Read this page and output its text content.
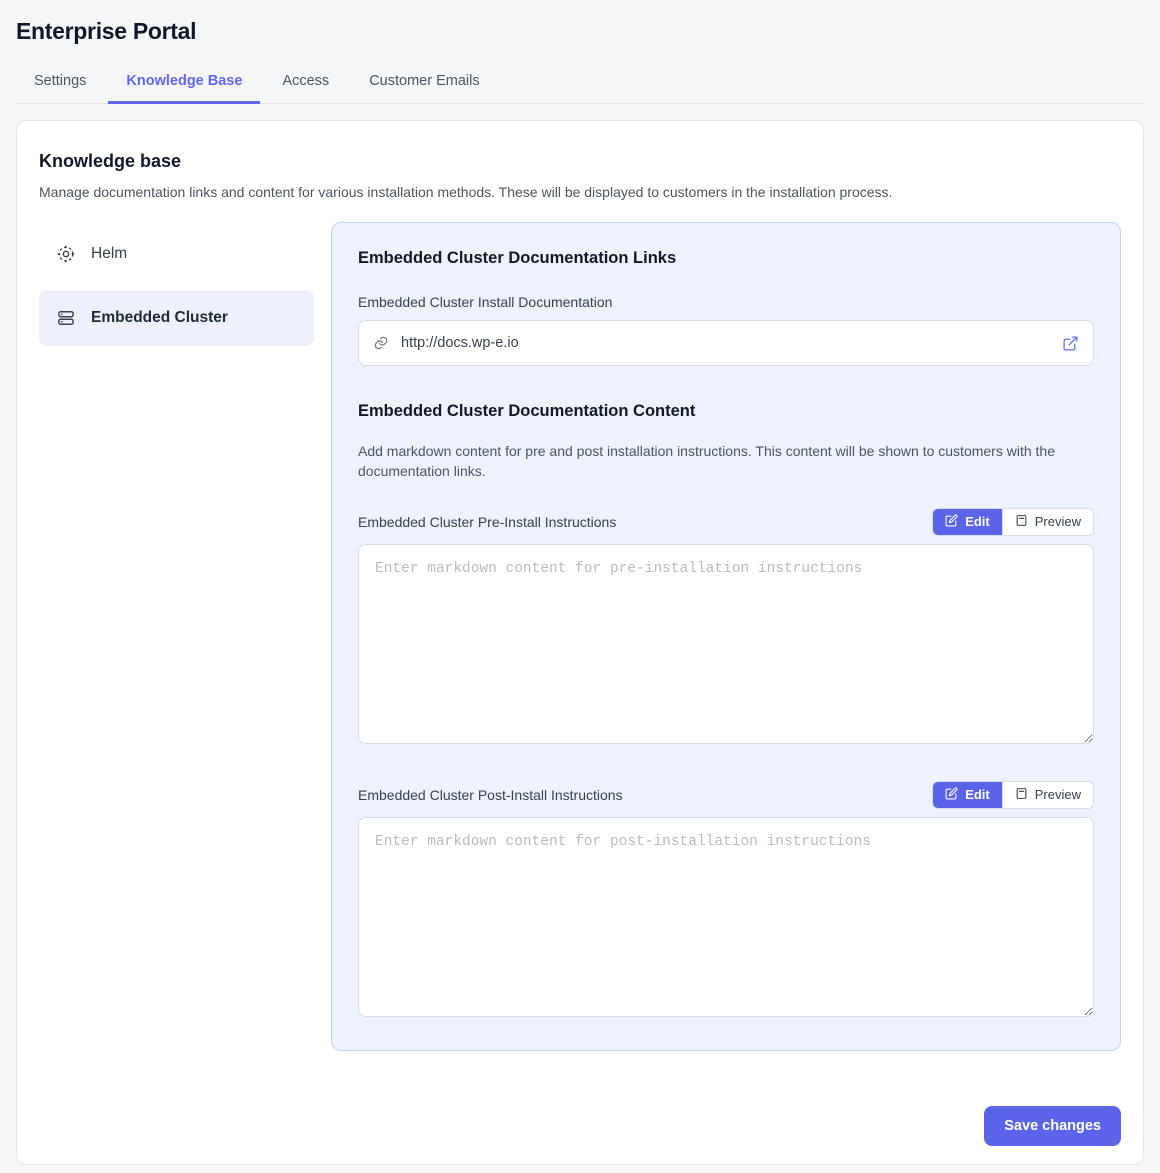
Enterprise Portal
Settings	Knowledge Base	Access	Customer Emails
Knowledge base

Manage documentation links and content for various installation methods. These will be displayed to customers in the installation process.

Helm
Embedded Cluster
Embedded Cluster Documentation Links
Embedded Cluster Install Documentation
http://docs.wp-e.io
Embedded Cluster Documentation Content

Add markdown content for pre and post installation instructions. This content will be shown to customers with the documentation links.

Embedded Cluster Pre-Install Instructions	Edit	Preview
Enter markdown content for pre-installation instructions
Embedded Cluster Post-Install Instructions	Edit	Preview
Enter markdown content for post-installation instructions
Save changes
